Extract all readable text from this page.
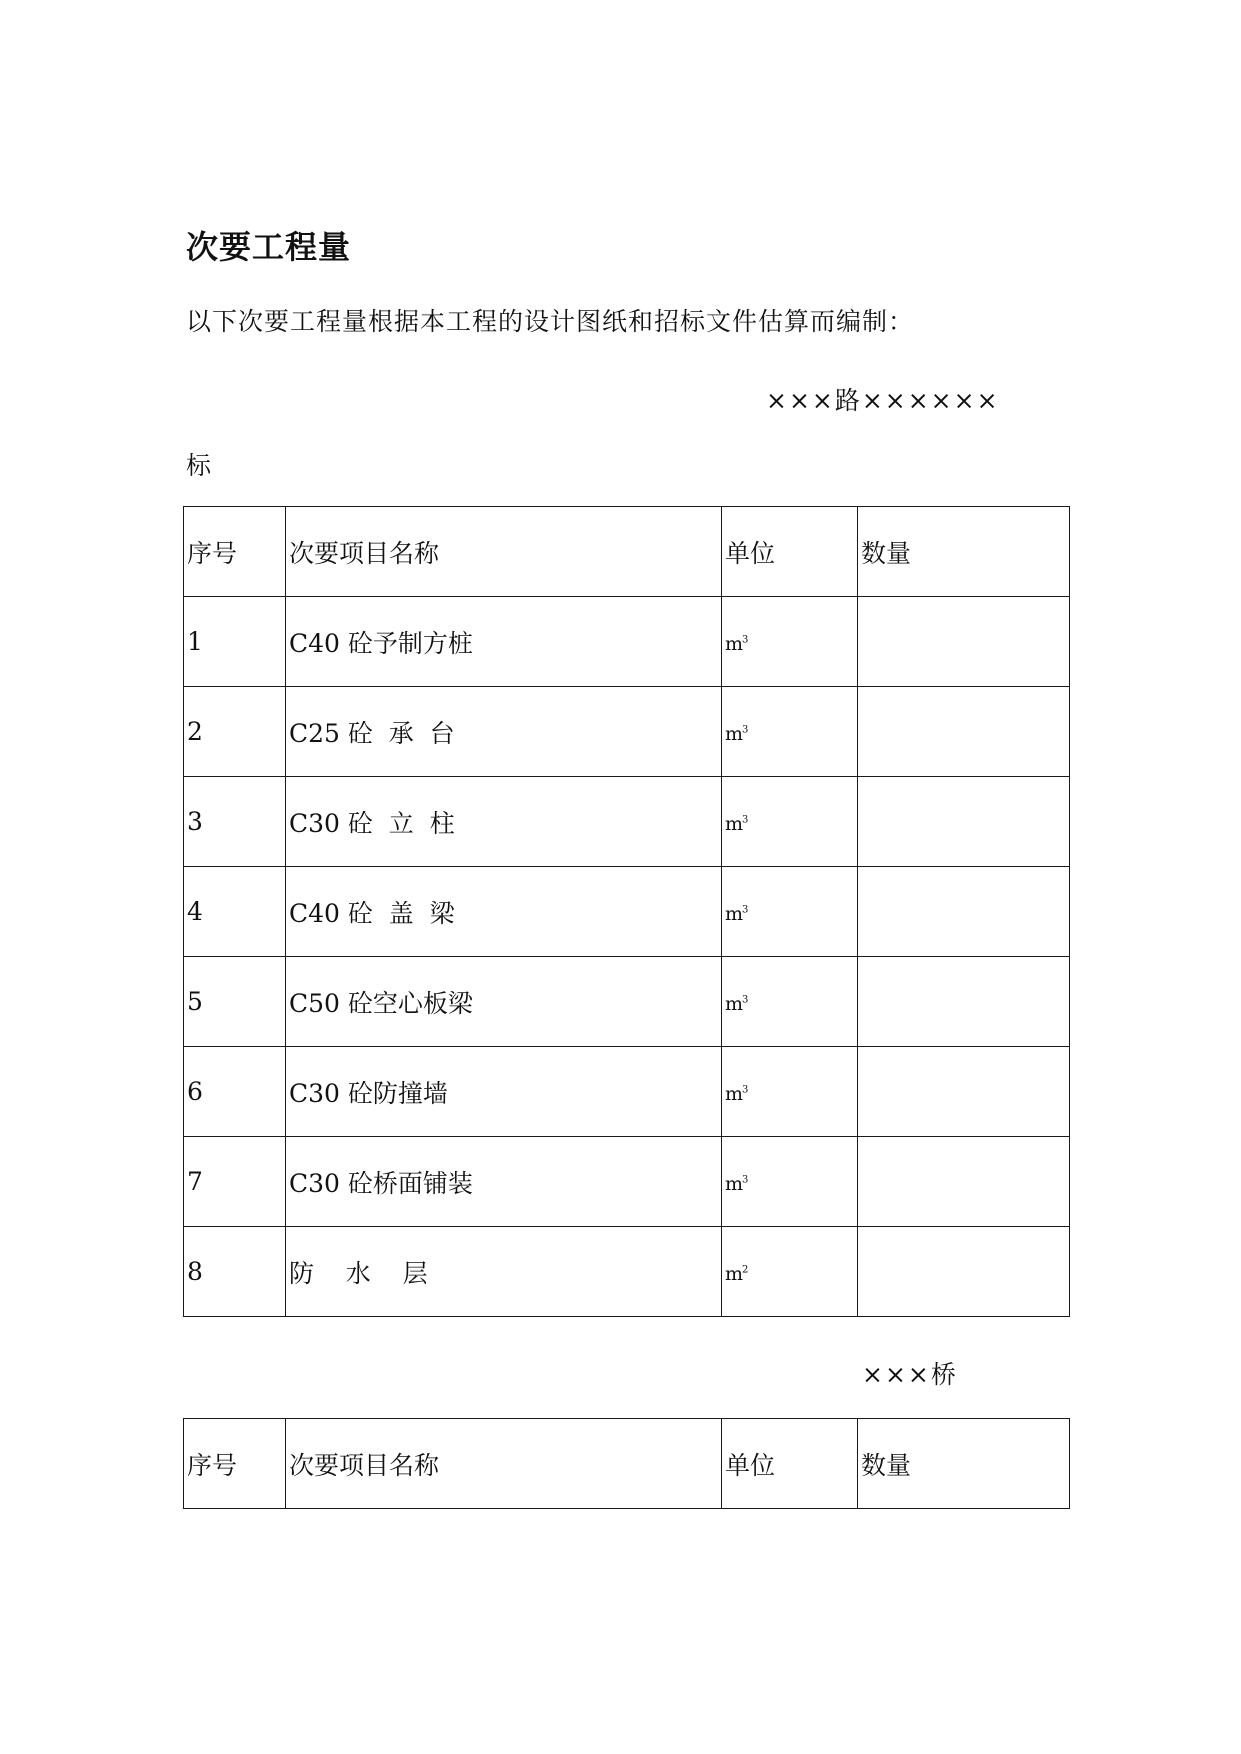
次要工程量

以下次要工程量根据本工程的设计图纸和招标文件估算而编制：

×××路××××××

标

序号	次要项目名称	单位	数量
1	C40 砼予制方桩	$m^3$	
2	C25 砼  承  台	$m^3$	
3	C30 砼  立  柱	$m^3$	
4	C40 砼  盖  梁	$m^3$	
5	C50 砼空心板梁	$m^3$	
6	C30 砼防撞墙	$m^3$	
7	C30 砼桥面铺装	$m^3$	
8	防    水    层	$m^2$	

×××桥

序号	次要项目名称	单位	数量
